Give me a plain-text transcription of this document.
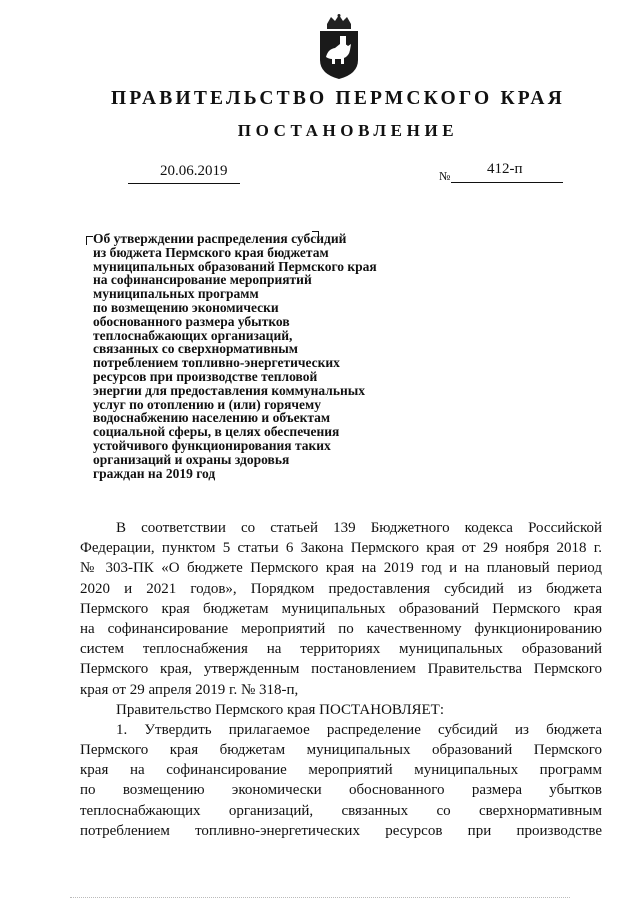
ПРАВИТЕЛЬСТВО ПЕРМСКОГО КРАЯ
ПОСТАНОВЛЕНИЕ
20.06.2019	№ 412-п
Об утверждении распределения субсидий
из бюджета Пермского края бюджетам
муниципальных образований Пермского края
на софинансирование мероприятий
муниципальных программ
по возмещению экономически
обоснованного размера убытков
теплоснабжающих организаций,
связанных со сверхнормативным
потреблением топливно-энергетических
ресурсов при производстве тепловой
энергии для предоставления коммунальных
услуг по отоплению и (или) горячему
водоснабжению населению и объектам
социальной сферы, в целях обеспечения
устойчивого функционирования таких
организаций и охраны здоровья
граждан на 2019 год
В соответствии со статьей 139 Бюджетного кодекса Российской
Федерации, пунктом 5 статьи 6 Закона Пермского края от 29 ноября 2018 г.
№ 303-ПК «О бюджете Пермского края на 2019 год и на плановый период
2020 и 2021 годов», Порядком предоставления субсидий из бюджета
Пермского края бюджетам муниципальных образований Пермского края
на софинансирование мероприятий по качественному функционированию
систем теплоснабжения на территориях муниципальных образований
Пермского края, утвержденным постановлением Правительства Пермского
края от 29 апреля 2019 г. № 318-п,
Правительство Пермского края ПОСТАНОВЛЯЕТ:
1. Утвердить прилагаемое распределение субсидий из бюджета
Пермского края бюджетам муниципальных образований Пермского
края на софинансирование мероприятий муниципальных программ
по возмещению экономически обоснованного размера убытков
теплоснабжающих организаций, связанных со сверхнормативным
потреблением топливно-энергетических ресурсов при производстве
